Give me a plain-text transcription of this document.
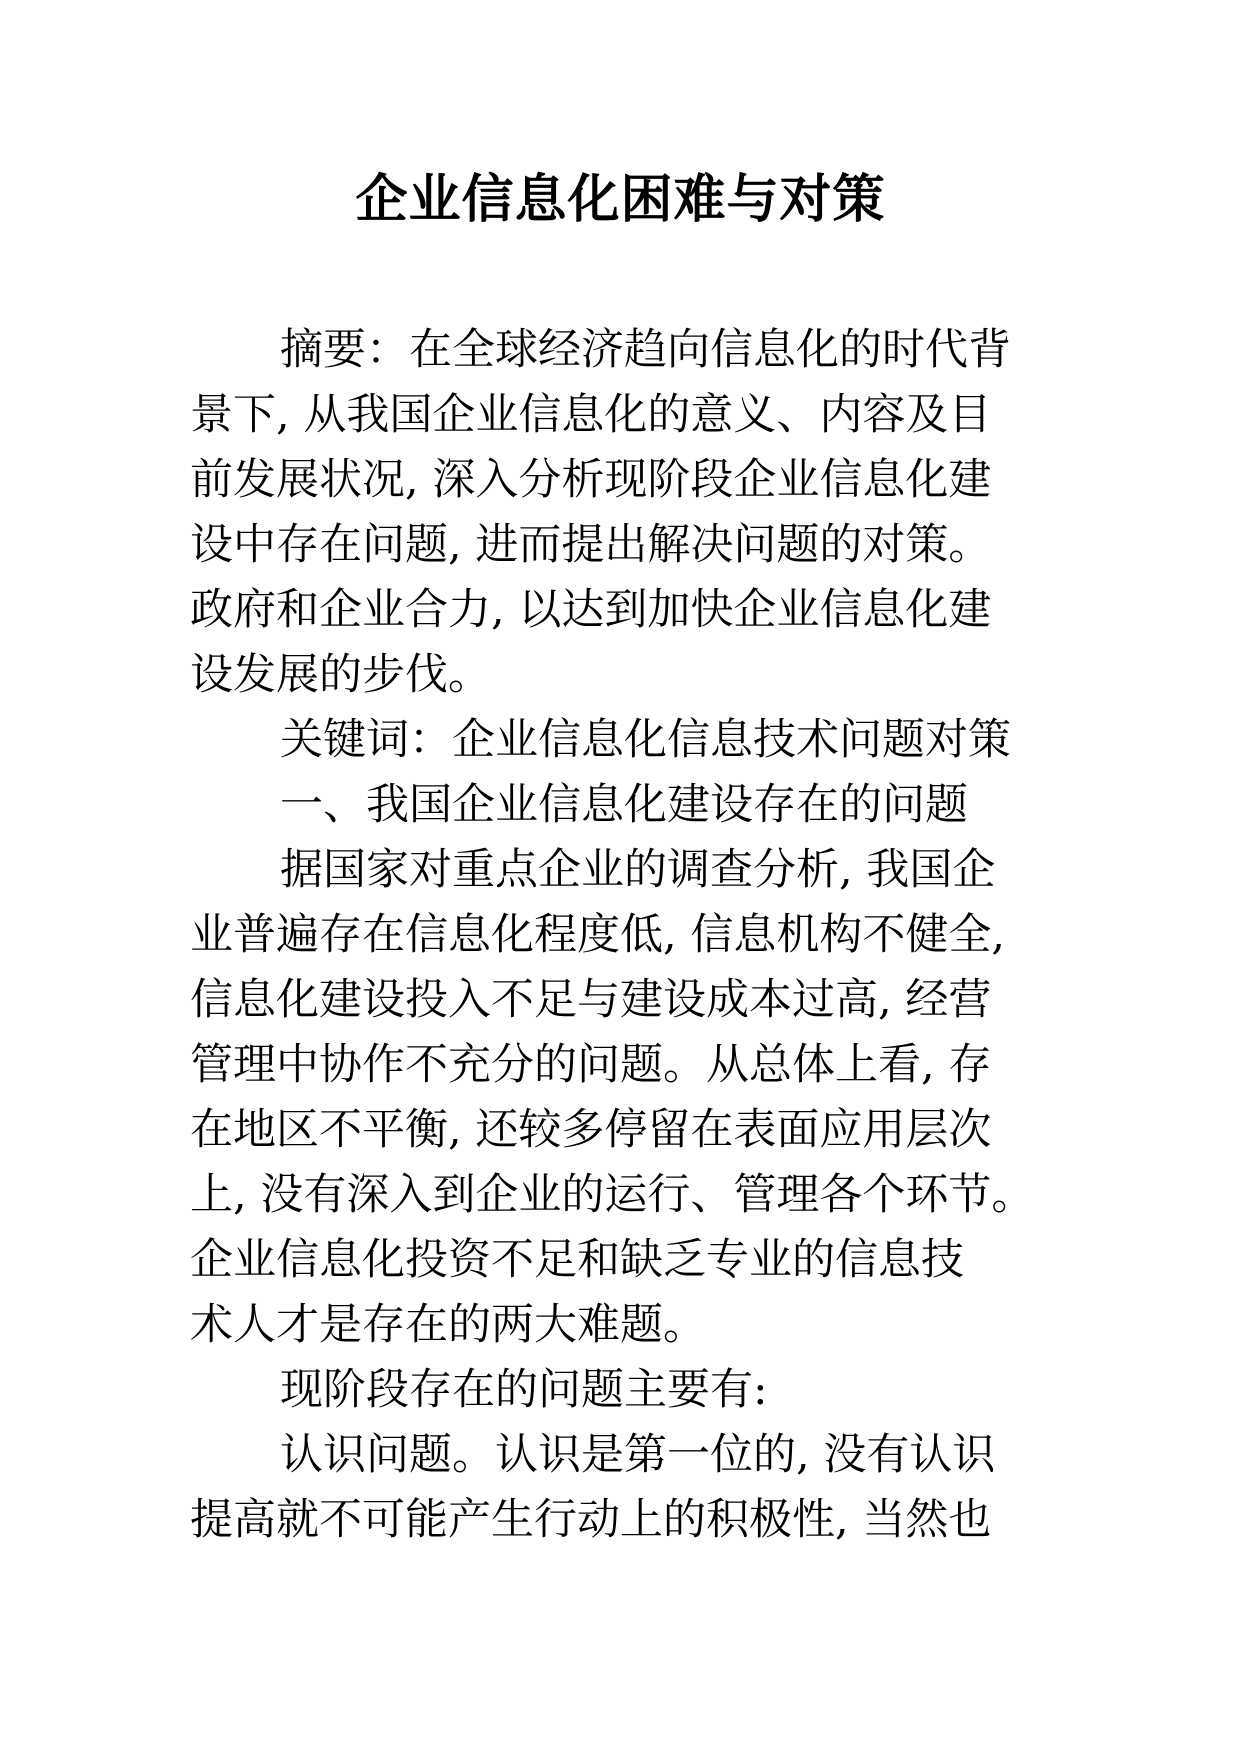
企业信息化困难与对策
摘要：在全球经济趋向信息化的时代背
景下, 从我国企业信息化的意义、内容及目
前发展状况, 深入分析现阶段企业信息化建
设中存在问题, 进而提出解决问题的对策。
政府和企业合力, 以达到加快企业信息化建
设发展的步伐。
关键词：企业信息化信息技术问题对策
一、我国企业信息化建设存在的问题
据国家对重点企业的调查分析, 我国企
业普遍存在信息化程度低, 信息机构不健全,
信息化建设投入不足与建设成本过高, 经营
管理中协作不充分的问题。从总体上看, 存
在地区不平衡, 还较多停留在表面应用层次
上, 没有深入到企业的运行、管理各个环节。
企业信息化投资不足和缺乏专业的信息技
术人才是存在的两大难题。
现阶段存在的问题主要有:
认识问题。认识是第一位的, 没有认识
提高就不可能产生行动上的积极性, 当然也
